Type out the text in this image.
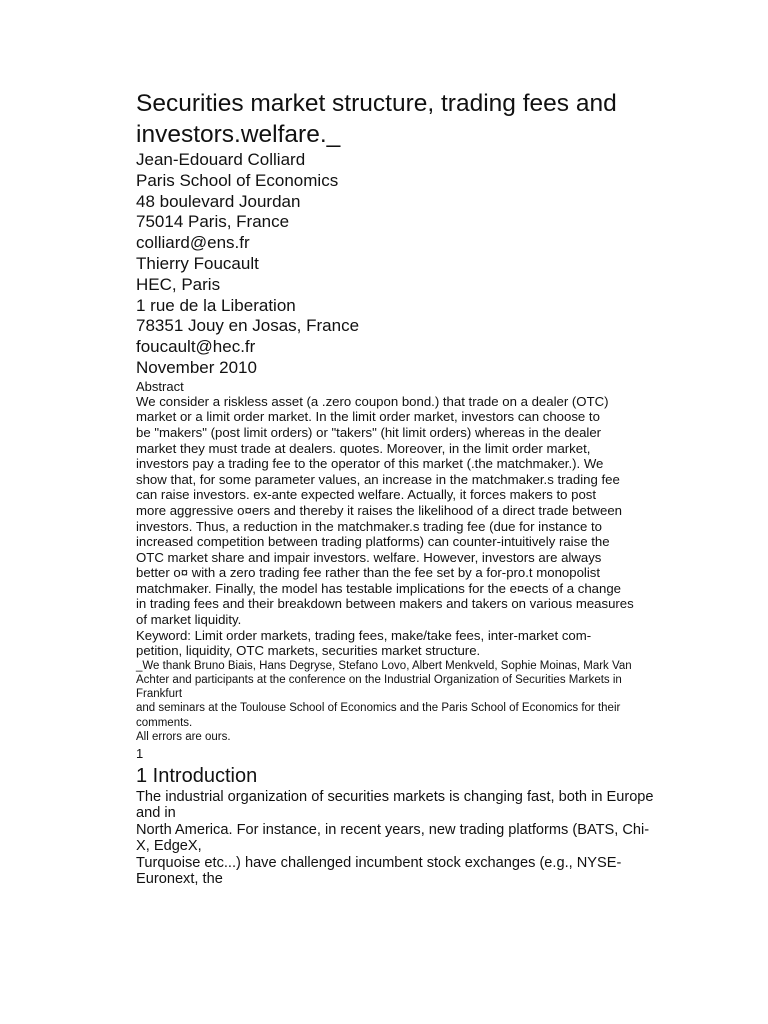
Securities market structure, trading fees and
investors.welfare._

Jean-Edouard Colliard

Paris School of Economics

48 boulevard Jourdan

75014 Paris, France

colliard@ens.fr

Thierry Foucault

HEC, Paris

1 rue de la Liberation

78351 Jouy en Josas, France

foucault@hec.fr

November 2010

Abstract

We consider a riskless asset (a .zero coupon bond.) that trade on a dealer (OTC)

market or a limit order market. In the limit order market, investors can choose to

be "makers" (post limit orders) or "takers" (hit limit orders) whereas in the dealer

market they must trade at dealers. quotes. Moreover, in the limit order market,

investors pay a trading fee to the operator of this market (.the matchmaker.). We

show that, for some parameter values, an increase in the matchmaker.s trading fee

can raise investors. ex-ante expected welfare. Actually, it forces makers to post

more aggressive o¤ers and thereby it raises the likelihood of a direct trade between

investors. Thus, a reduction in the matchmaker.s trading fee (due for instance to

increased competition between trading platforms) can counter-intuitively raise the

OTC market share and impair investors. welfare. However, investors are always

better o¤ with a zero trading fee rather than the fee set by a for-pro.t monopolist

matchmaker. Finally, the model has testable implications for the e¤ects of a change

in trading fees and their breakdown between makers and takers on various measures

of market liquidity.

Keyword: Limit order markets, trading fees, make/take fees, inter-market com-

petition, liquidity, OTC markets, securities market structure.

_We thank Bruno Biais, Hans Degryse, Stefano Lovo, Albert Menkveld, Sophie Moinas, Mark Van

Achter and participants at the conference on the Industrial Organization of Securities Markets in

Frankfurt

and seminars at the Toulouse School of Economics and the Paris School of Economics for their

comments.

All errors are ours.

1

1 Introduction

The industrial organization of securities markets is changing fast, both in Europe

and in

North America. For instance, in recent years, new trading platforms (BATS, Chi-

X, EdgeX,

Turquoise etc...) have challenged incumbent stock exchanges (e.g., NYSE-

Euronext, the
